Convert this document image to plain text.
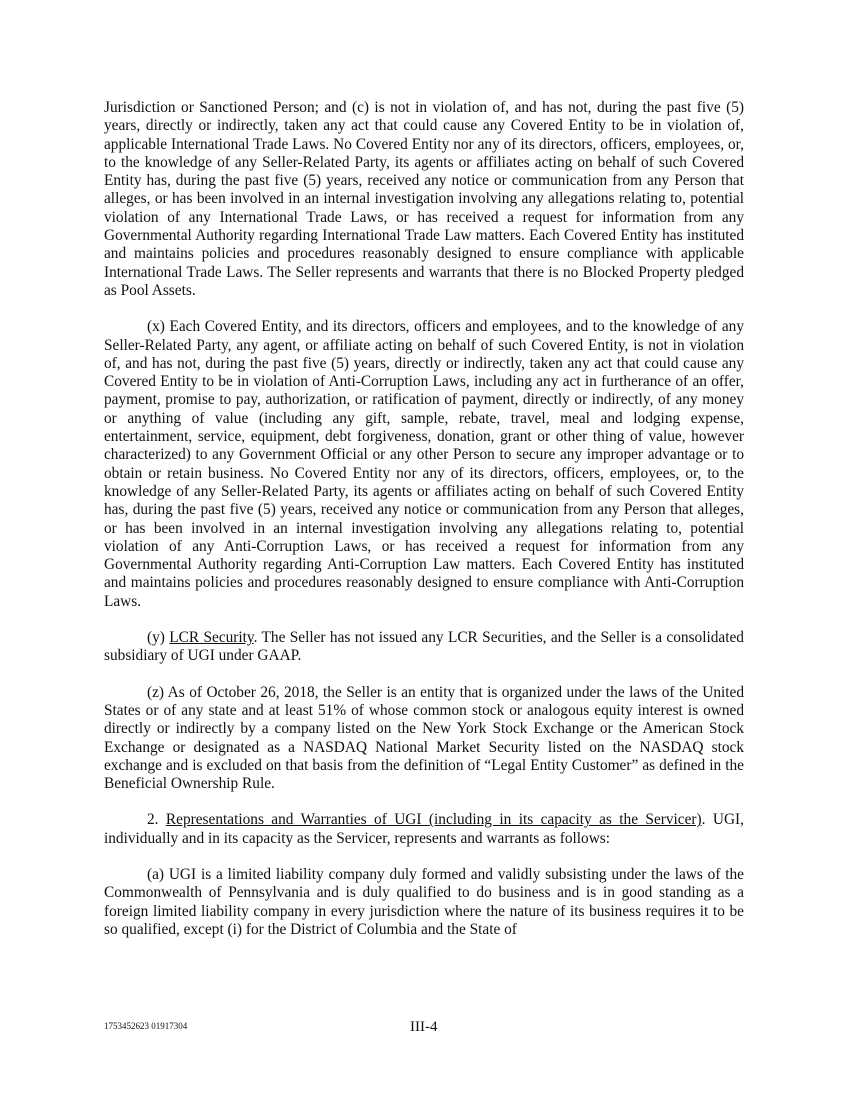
Jurisdiction or Sanctioned Person; and (c) is not in violation of, and has not, during the past five (5) years, directly or indirectly, taken any act that could cause any Covered Entity to be in violation of, applicable International Trade Laws. No Covered Entity nor any of its directors, officers, employees, or, to the knowledge of any Seller-Related Party, its agents or affiliates acting on behalf of such Covered Entity has, during the past five (5) years, received any notice or communication from any Person that alleges, or has been involved in an internal investigation involving any allegations relating to, potential violation of any International Trade Laws, or has received a request for information from any Governmental Authority regarding International Trade Law matters. Each Covered Entity has instituted and maintains policies and procedures reasonably designed to ensure compliance with applicable International Trade Laws. The Seller represents and warrants that there is no Blocked Property pledged as Pool Assets.

(x) Each Covered Entity, and its directors, officers and employees, and to the knowledge of any Seller-Related Party, any agent, or affiliate acting on behalf of such Covered Entity, is not in violation of, and has not, during the past five (5) years, directly or indirectly, taken any act that could cause any Covered Entity to be in violation of Anti-Corruption Laws, including any act in furtherance of an offer, payment, promise to pay, authorization, or ratification of payment, directly or indirectly, of any money or anything of value (including any gift, sample, rebate, travel, meal and lodging expense, entertainment, service, equipment, debt forgiveness, donation, grant or other thing of value, however characterized) to any Government Official or any other Person to secure any improper advantage or to obtain or retain business. No Covered Entity nor any of its directors, officers, employees, or, to the knowledge of any Seller-Related Party, its agents or affiliates acting on behalf of such Covered Entity has, during the past five (5) years, received any notice or communication from any Person that alleges, or has been involved in an internal investigation involving any allegations relating to, potential violation of any Anti-Corruption Laws, or has received a request for information from any Governmental Authority regarding Anti-Corruption Law matters. Each Covered Entity has instituted and maintains policies and procedures reasonably designed to ensure compliance with Anti-Corruption Laws.

(y) LCR Security. The Seller has not issued any LCR Securities, and the Seller is a consolidated subsidiary of UGI under GAAP.

(z) As of October 26, 2018, the Seller is an entity that is organized under the laws of the United States or of any state and at least 51% of whose common stock or analogous equity interest is owned directly or indirectly by a company listed on the New York Stock Exchange or the American Stock Exchange or designated as a NASDAQ National Market Security listed on the NASDAQ stock exchange and is excluded on that basis from the definition of “Legal Entity Customer” as defined in the Beneficial Ownership Rule.

2. Representations and Warranties of UGI (including in its capacity as the Servicer). UGI, individually and in its capacity as the Servicer, represents and warrants as follows:

(a) UGI is a limited liability company duly formed and validly subsisting under the laws of the Commonwealth of Pennsylvania and is duly qualified to do business and is in good standing as a foreign limited liability company in every jurisdiction where the nature of its business requires it to be so qualified, except (i) for the District of Columbia and the State of

1753452623 01917304	III-4
